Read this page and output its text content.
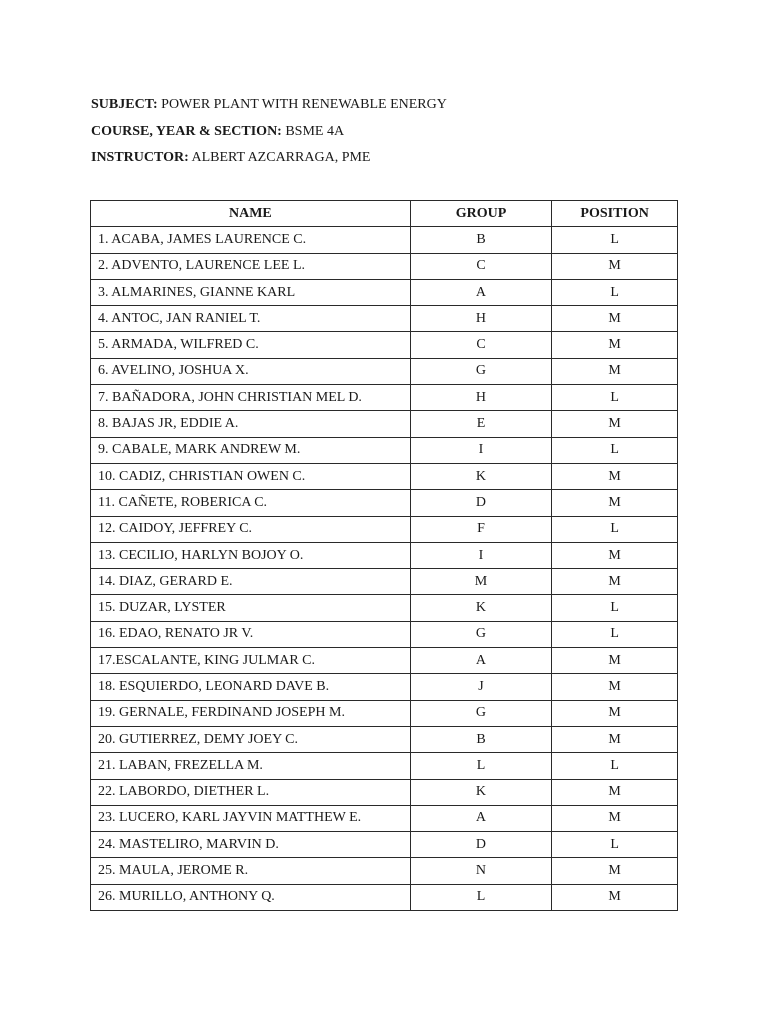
SUBJECT: POWER PLANT WITH RENEWABLE ENERGY
COURSE, YEAR & SECTION: BSME 4A
INSTRUCTOR: ALBERT AZCARRAGA, PME
NAME	GROUP	POSITION
1. ACABA, JAMES LAURENCE C.	B	L
2. ADVENTO, LAURENCE LEE L.	C	M
3. ALMARINES, GIANNE KARL	A	L
4. ANTOC, JAN RANIEL T.	H	M
5. ARMADA, WILFRED C.	C	M
6. AVELINO, JOSHUA X.	G	M
7. BAÑADORA, JOHN CHRISTIAN MEL D.	H	L
8. BAJAS JR, EDDIE A.	E	M
9. CABALE, MARK ANDREW M.	I	L
10. CADIZ, CHRISTIAN OWEN C.	K	M
11. CAÑETE, ROBERICA C.	D	M
12. CAIDOY, JEFFREY C.	F	L
13. CECILIO, HARLYN BOJOY O.	I	M
14. DIAZ, GERARD E.	M	M
15. DUZAR, LYSTER	K	L
16. EDAO, RENATO JR V.	G	L
17.ESCALANTE, KING JULMAR C.	A	M
18. ESQUIERDO, LEONARD DAVE B.	J	M
19. GERNALE, FERDINAND JOSEPH M.	G	M
20. GUTIERREZ, DEMY JOEY C.	B	M
21. LABAN, FREZELLA M.	L	L
22. LABORDO, DIETHER L.	K	M
23. LUCERO, KARL JAYVIN MATTHEW E.	A	M
24. MASTELIRO, MARVIN D.	D	L
25. MAULA, JEROME R.	N	M
26. MURILLO, ANTHONY Q.	L	M
